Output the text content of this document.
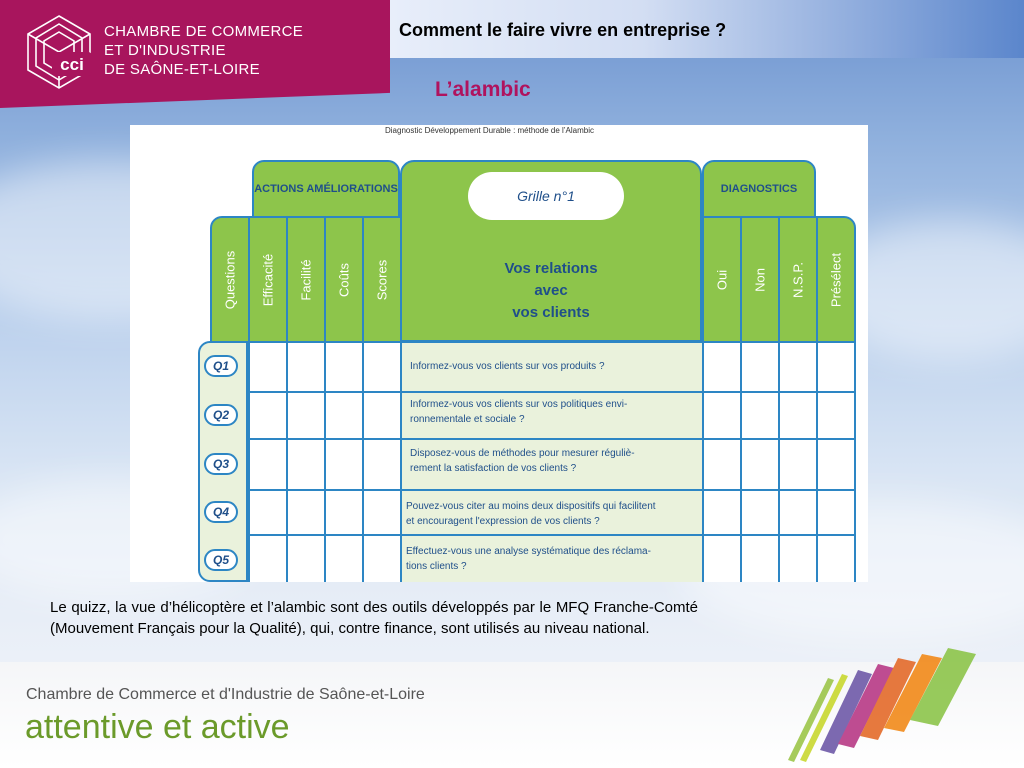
Comment le faire vivre en entreprise ?
L’alambic
cci
CHAMBRE DE COMMERCE
ET D'INDUSTRIE
DE SAÔNE-ET-LOIRE
Diagnostic Développement Durable : méthode de l’Alambic
ACTIONS AMÉLIORATIONS	DIAGNOSTICS
Questions Efficacité Facilité Coûts Scores	Oui Non N.S.P. Présélect
Grille n°1
Vos relations
avec
vos clients
Q1
Q2
Q3
Q4
Q5
Informez-vous vos clients sur vos produits ?
Informez-vous vos clients sur vos politiques envi-
ronnementale et sociale ?
Disposez-vous de méthodes pour mesurer réguliè-
rement la satisfaction de vos clients ?
Pouvez-vous citer au moins deux dispositifs qui facilitent
et encouragent l'expression de vos clients ?
Effectuez-vous une analyse systématique des réclama-
tions clients ?

Le quizz, la vue d’hélicoptère et l’alambic sont des outils développés par le MFQ Franche-Comté (Mouvement Français pour la Qualité), qui, contre finance, sont utilisés au niveau national.

Chambre de Commerce et d'Industrie de Saône-et-Loire
attentive et active
